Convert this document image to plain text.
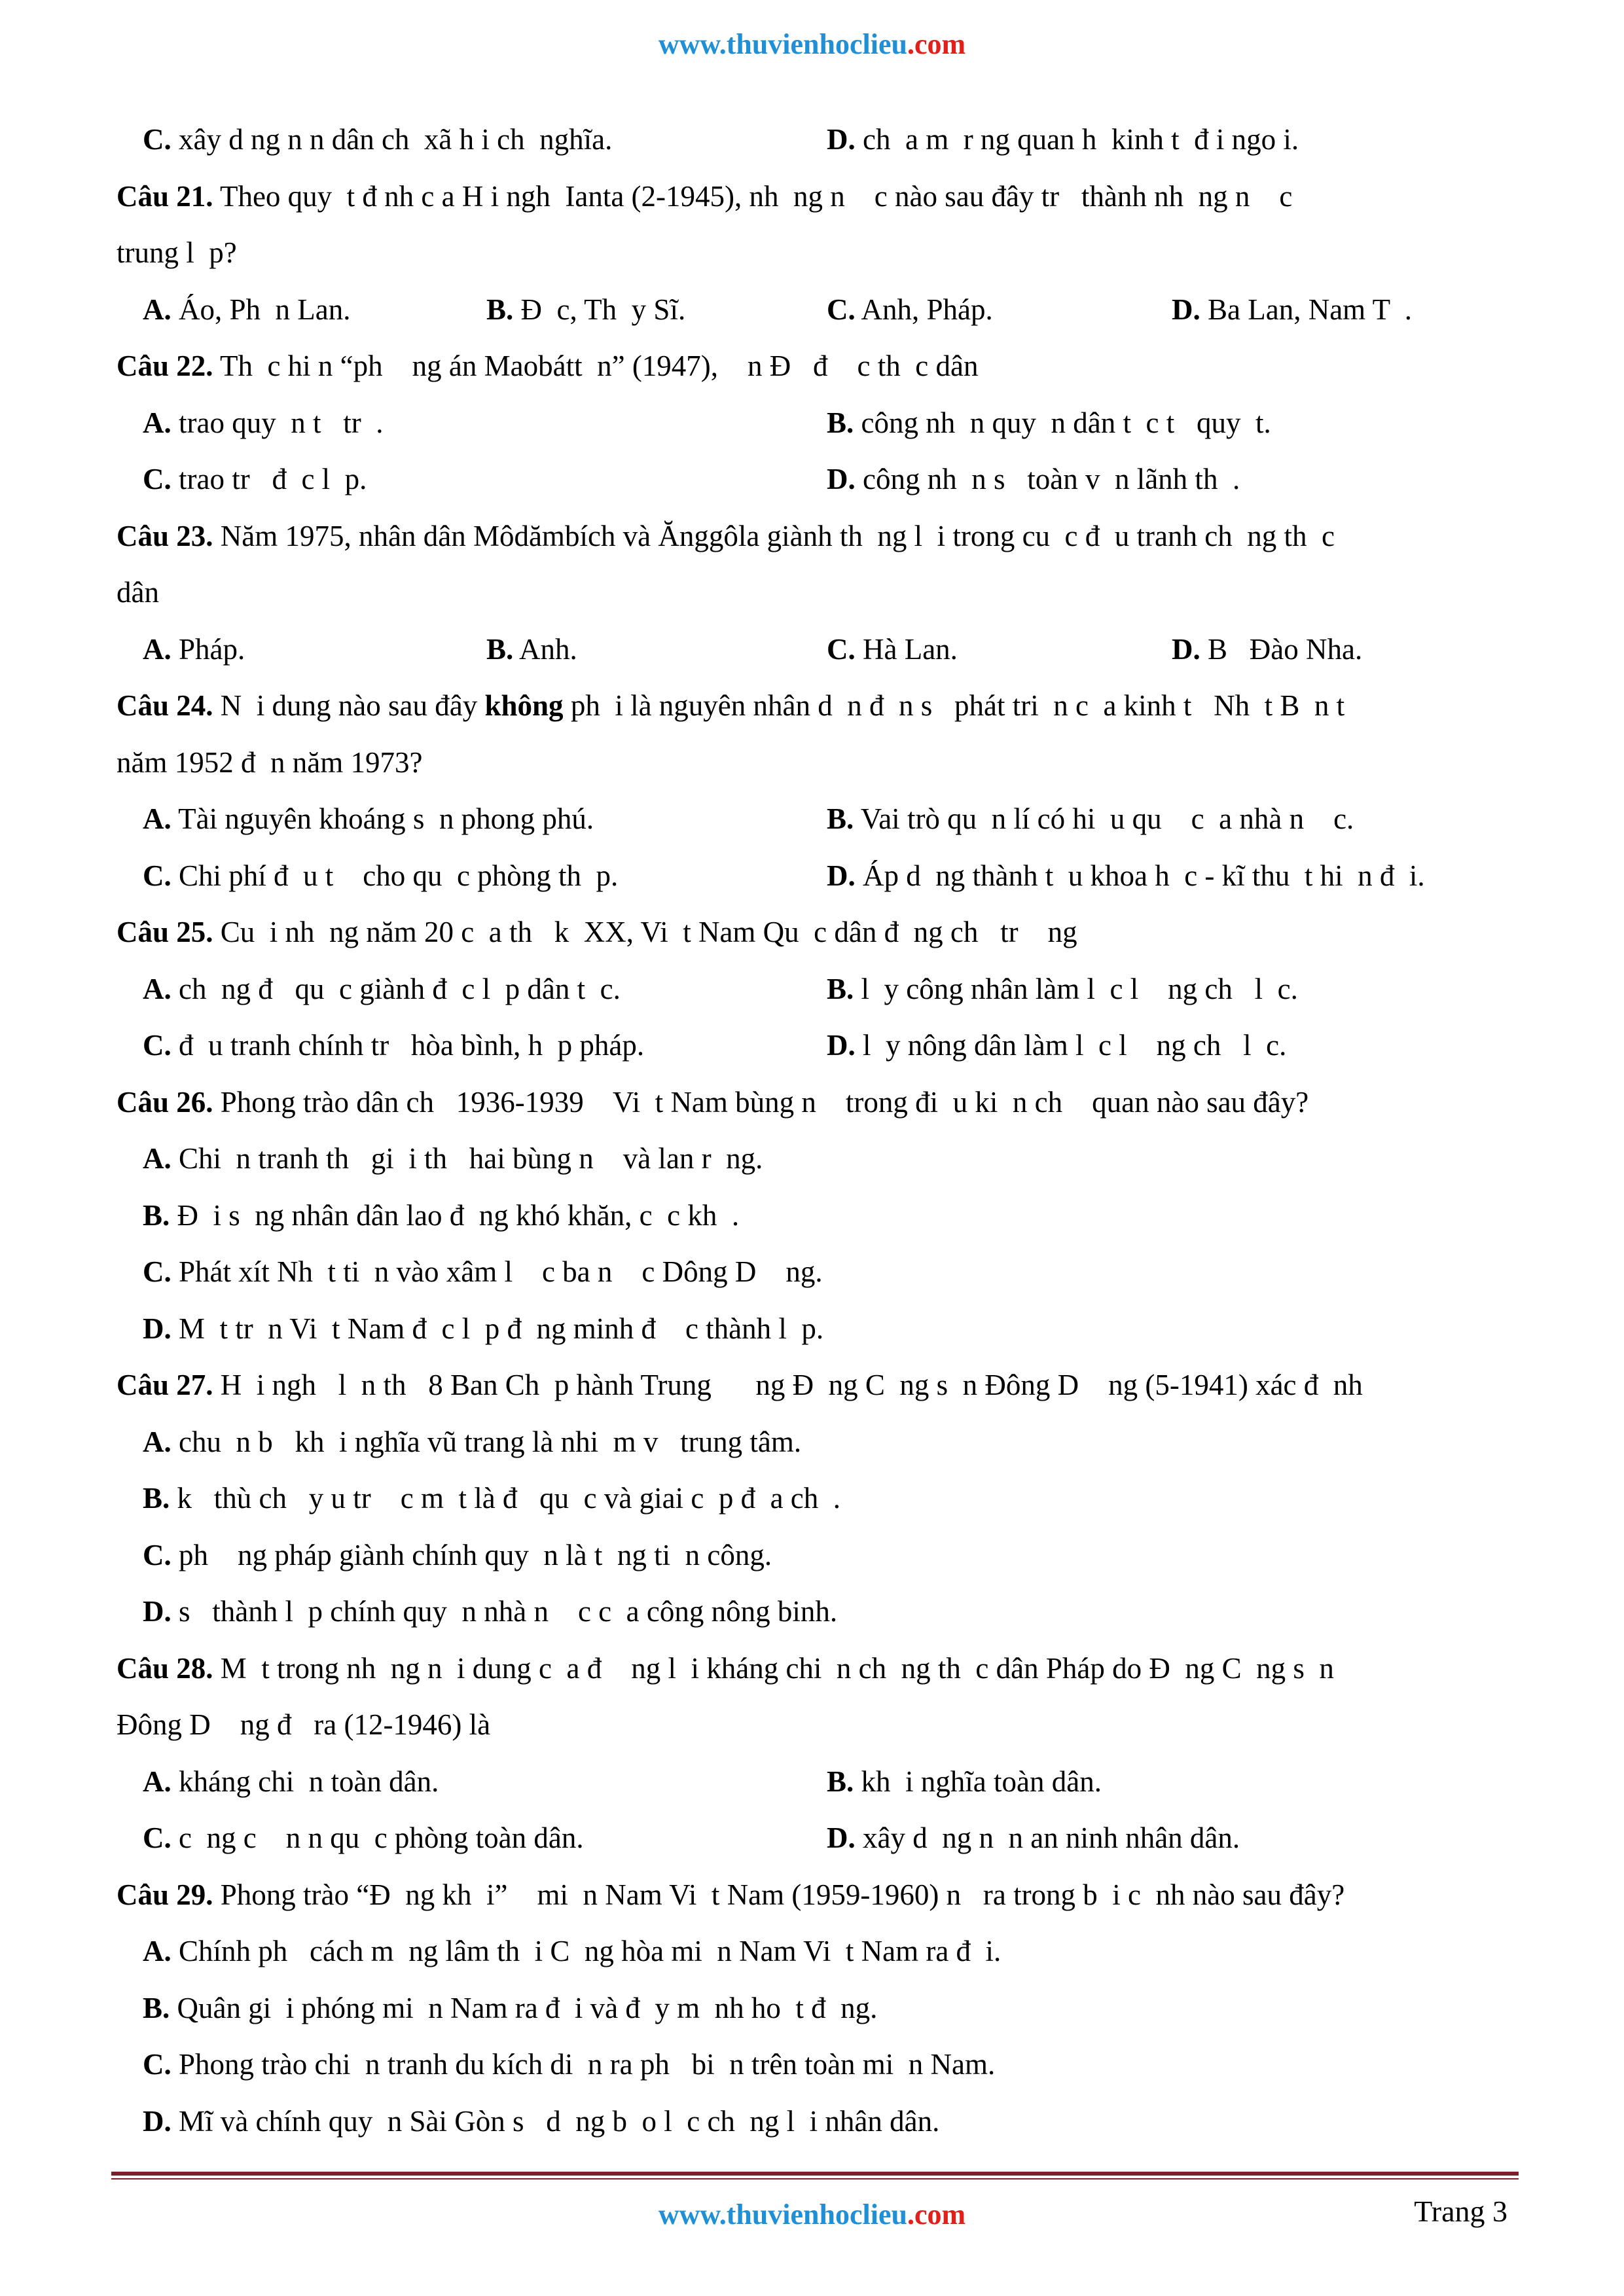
www.thuvienhoclieu.com
C. xây d ng n n dân ch  xã h i ch  nghĩa.	D. ch  a m  r ng quan h  kinh t  đ i ngo i.
Câu 21. Theo quy  t đ nh c a H i ngh  Ianta (2-1945), nh  ng n    c nào sau đây tr   thành nh  ng n    c
trung l  p?
A. Áo, Ph  n Lan.	B. Đ  c, Th  y Sĩ.	C. Anh, Pháp.	D. Ba Lan, Nam T  .
Câu 22. Th  c hi n “ph    ng án Maobátt  n” (1947),    n Đ   đ    c th  c dân
A. trao quy  n t   tr  .	B. công nh  n quy  n dân t  c t   quy  t.
C. trao tr   đ  c l  p.	D. công nh  n s   toàn v  n lãnh th  .
Câu 23. Năm 1975, nhân dân Môdămbích và Ănggôla giành th  ng l  i trong cu  c đ  u tranh ch  ng th  c
dân
A. Pháp.	B. Anh.	C. Hà Lan.	D. B   Đào Nha.
Câu 24. N  i dung nào sau đây không ph  i là nguyên nhân d  n đ  n s   phát tri  n c  a kinh t   Nh  t B  n t
năm 1952 đ  n năm 1973?
A. Tài nguyên khoáng s  n phong phú.	B. Vai trò qu  n lí có hi  u qu    c  a nhà n    c.
C. Chi phí đ  u t    cho qu  c phòng th  p.	D. Áp d  ng thành t  u khoa h  c - kĩ thu  t hi  n đ  i.
Câu 25. Cu  i nh  ng năm 20 c  a th   k  XX, Vi  t Nam Qu  c dân đ  ng ch   tr    ng
A. ch  ng đ   qu  c giành đ  c l  p dân t  c.	B. l  y công nhân làm l  c l    ng ch   l  c.
C. đ  u tranh chính tr   hòa bình, h  p pháp.	D. l  y nông dân làm l  c l    ng ch   l  c.
Câu 26. Phong trào dân ch   1936-1939    Vi  t Nam bùng n    trong đi  u ki  n ch    quan nào sau đây?
A. Chi  n tranh th   gi  i th   hai bùng n    và lan r  ng.
B. Đ  i s  ng nhân dân lao đ  ng khó khăn, c  c kh  .
C. Phát xít Nh  t ti  n vào xâm l    c ba n    c Dông D    ng.
D. M  t tr  n Vi  t Nam đ  c l  p đ  ng minh đ    c thành l  p.
Câu 27. H  i ngh   l  n th   8 Ban Ch  p hành Trung      ng Đ  ng C  ng s  n Đông D    ng (5-1941) xác đ  nh
A. chu  n b   kh  i nghĩa vũ trang là nhi  m v   trung tâm.
B. k   thù ch   y u tr    c m  t là đ   qu  c và giai c  p đ  a ch  .
C. ph    ng pháp giành chính quy  n là t  ng ti  n công.
D. s   thành l  p chính quy  n nhà n    c c  a công nông binh.
Câu 28. M  t trong nh  ng n  i dung c  a đ    ng l  i kháng chi  n ch  ng th  c dân Pháp do Đ  ng C  ng s  n
Đông D    ng đ   ra (12-1946) là
A. kháng chi  n toàn dân.	B. kh  i nghĩa toàn dân.
C. c  ng c    n n qu  c phòng toàn dân.	D. xây d  ng n  n an ninh nhân dân.
Câu 29. Phong trào “Đ  ng kh  i”    mi  n Nam Vi  t Nam (1959-1960) n   ra trong b  i c  nh nào sau đây?
A. Chính ph   cách m  ng lâm th  i C  ng hòa mi  n Nam Vi  t Nam ra đ  i.
B. Quân gi  i phóng mi  n Nam ra đ  i và đ  y m  nh ho  t đ  ng.
C. Phong trào chi  n tranh du kích di  n ra ph   bi  n trên toàn mi  n Nam.
D. Mĩ và chính quy  n Sài Gòn s   d  ng b  o l  c ch  ng l  i nhân dân.
www.thuvienhoclieu.com	Trang 3
